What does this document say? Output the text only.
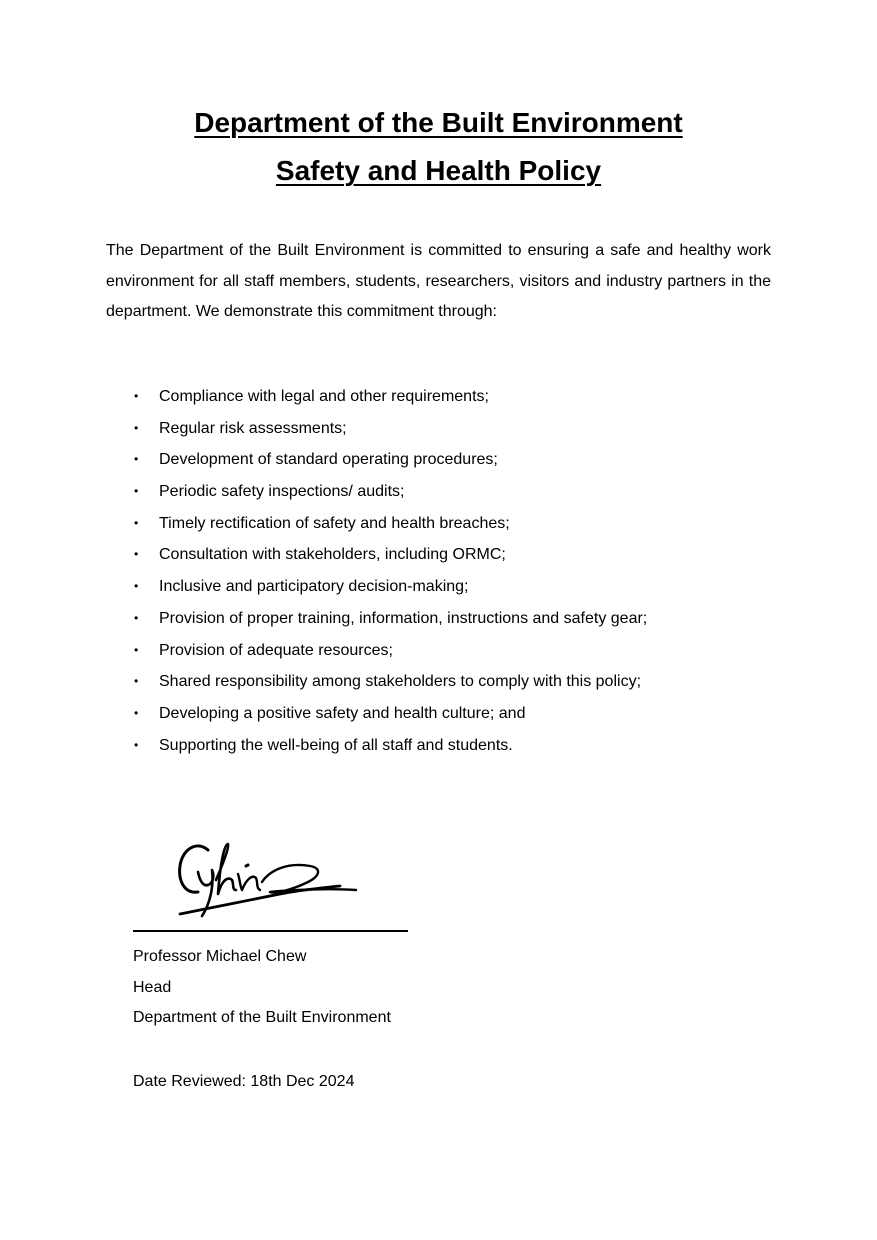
Department of the Built Environment
Safety and Health Policy

The Department of the Built Environment is committed to ensuring a safe and healthy work environment for all staff members, students, researchers, visitors and industry partners in the department. We demonstrate this commitment through:

• Compliance with legal and other requirements;
• Regular risk assessments;
• Development of standard operating procedures;
• Periodic safety inspections/ audits;
• Timely rectification of safety and health breaches;
• Consultation with stakeholders, including ORMC;
• Inclusive and participatory decision-making;
• Provision of proper training, information, instructions and safety gear;
• Provision of adequate resources;
• Shared responsibility among stakeholders to comply with this policy;
• Developing a positive safety and health culture; and
• Supporting the well-being of all staff and students.
Professor Michael Chew
Head
Department of the Built Environment

Date Reviewed: 18th Dec 2024
